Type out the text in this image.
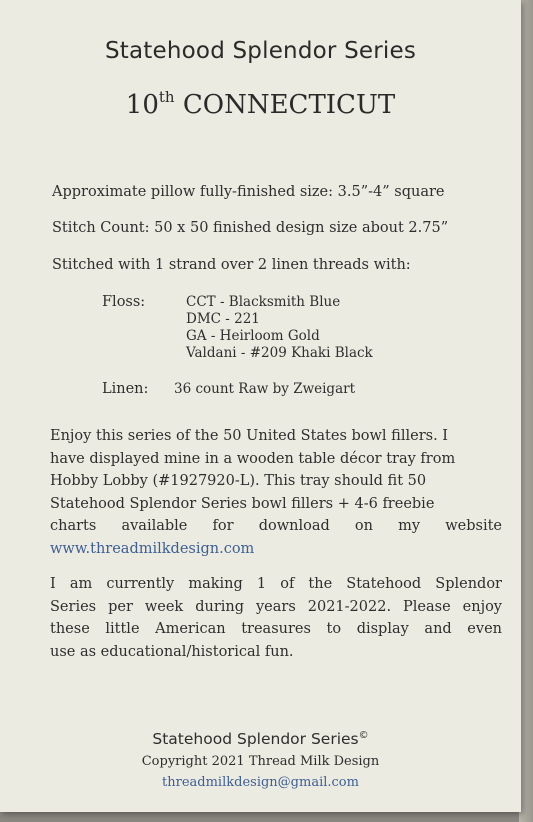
Statehood Splendor Series
10th CONNECTICUT
Approximate pillow fully-finished size: 3.5”-4” square
Stitch Count: 50 x 50 finished design size about 2.75”
Stitched with 1 strand over 2 linen threads with:
Floss:	CCT - Blacksmith Blue
DMC - 221
GA - Heirloom Gold
Valdani - #209 Khaki Black
Linen: 36 count Raw by Zweigart
Enjoy this series of the 50 United States bowl fillers. I
have displayed mine in a wooden table décor tray from
Hobby Lobby (#1927920-L). This tray should fit 50
Statehood Splendor Series bowl fillers + 4-6 freebie
charts available for download on my website
www.threadmilkdesign.com
I am currently making 1 of the Statehood Splendor
Series per week during years 2021-2022. Please enjoy
these little American treasures to display and even
use as educational/historical fun.
Statehood Splendor Series©
Copyright 2021 Thread Milk Design
threadmilkdesign@gmail.com
